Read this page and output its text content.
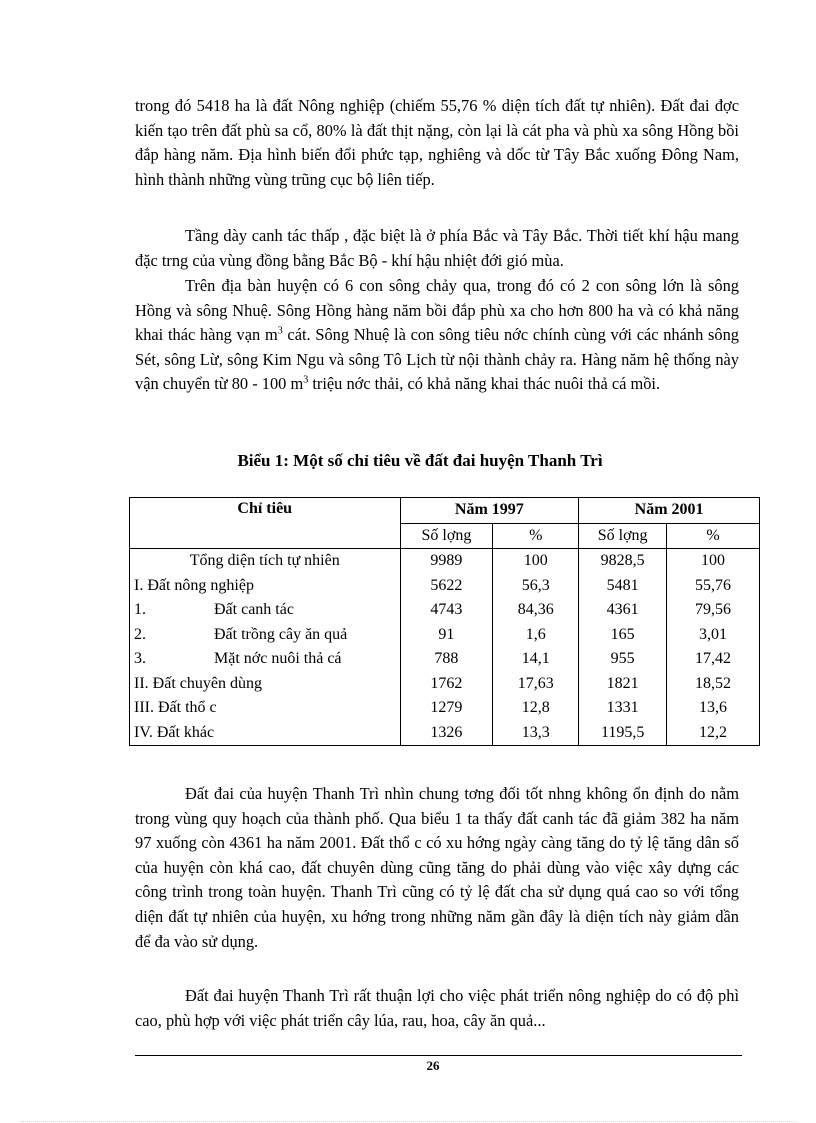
trong đó 5418 ha là đất Nông nghiệp (chiếm 55,76 % diện tích đất tự nhiên). Đất đai đợc kiến tạo trên đất phù sa cổ, 80% là đất thịt nặng, còn lại là cát pha và phù xa sông Hồng bồi đắp hàng năm. Địa hình biến đổi phức tạp, nghiêng và dốc từ Tây Bắc xuống Đông Nam, hình thành những vùng trũng cục bộ liên tiếp.

Tầng dày canh tác thấp , đặc biệt là ở phía Bắc và Tây Bắc. Thời tiết khí hậu mang đặc trng của vùng đồng bằng Bắc Bộ - khí hậu nhiệt đới gió mùa.

Trên địa bàn huyện có 6 con sông chảy qua, trong đó có 2 con sông lớn là sông Hồng và sông Nhuệ. Sông Hồng hàng năm bồi đắp phù xa cho hơn 800 ha và có khả năng khai thác hàng vạn $m^3$ cát. Sông Nhuệ là con sông tiêu nớc chính cùng với các nhánh sông Sét, sông Lừ, sông Kim Ngu và sông Tô Lịch từ nội thành chảy ra. Hàng năm hệ thống này vận chuyển từ 80 - 100 $m^3$ triệu nớc thải, có khả năng khai thác nuôi thả cá mồi.

Biểu 1: Một số chỉ tiêu về đất đai huyện Thanh Trì
Chỉ tiêu	Năm 1997		Năm 2001	
	Số lợng	%	Số lợng	%
Tổng diện tích tự nhiên	9989	100	9828,5	100
I. Đất nông nghiệp	5622	56,3	5481	55,76
1. Đất canh tác	4743	84,36	4361	79,56
2. Đất trồng cây ăn quả	91	1,6	165	3,01
3. Mặt nớc nuôi thả cá	788	14,1	955	17,42
II. Đất chuyên dùng	1762	17,63	1821	18,52
III. Đất thổ c	1279	12,8	1331	13,6
IV. Đất khác	1326	13,3	1195,5	12,2

Đất đai của huyện Thanh Trì nhìn chung tơng đối tốt nhng không ổn định do nằm trong vùng quy hoạch của thành phố. Qua biểu 1 ta thấy đất canh tác đã giảm 382 ha năm 97 xuống còn 4361 ha năm 2001. Đất thổ c có xu hớng ngày càng tăng do tỷ lệ tăng dân số của huyện còn khá cao, đất chuyên dùng cũng tăng do phải dùng vào việc xây dựng các công trình trong toàn huyện. Thanh Trì cũng có tỷ lệ đất cha sử dụng quá cao so với tổng diện đất tự nhiên của huyện, xu hớng trong những năm gần đây là diện tích này giảm dần để đa vào sử dụng.

Đất đai huyện Thanh Trì rất thuận lợi cho việc phát triển nông nghiệp do có độ phì cao, phù hợp với việc phát triển cây lúa, rau, hoa, cây ăn quả...

26
